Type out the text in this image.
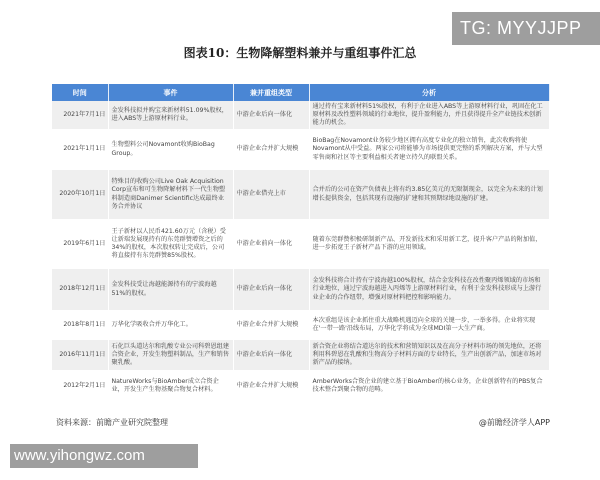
TG: MYYJJPP
图表10：生物降解塑料兼并与重组事件汇总
时间	事件	兼并重组类型	分析
2021年7月1日	金发科技拟并购宝来新材料51.09%股权，进入ABS等上游原材料行业。	中游企业后向一体化	通过持有宝来新材料51%股权，有利于企业进入ABS等上游原材料行业，巩固在化工原材料及改性塑料领域的行业地位，提升盈利能力，并且获得提升全产业链技术创新能力的机会。
2021年1月1日	生物塑料公司Novamont收购BioBag Group。	中游企业合并扩大规模	BioBag在Novamont业务较少地区拥有高度专业化的独立销售，此次收购将使Novamont从中受益。两家公司将能够为市场提供更完整的系列解决方案，并与大型零售商和社区等主要利益相关者建立持久的联盟关系。
2020年10月1日	特殊目的收购公司Live Oak Acquisition Corp宣布和可生物降解材料下一代生物塑料制造商Danimer Scientific达成最终业务合并协议	中游企业借壳上市	合并后的公司在资产负债表上将有约3.85亿美元的无限制现金，以完全为未来的计划增长提供资金，包括其现有设施的扩建和其预期绿地设施的扩建。
2019年6月1日	王子新材以人民币421.60万元（含税）受让新瑞发展现持有的东莞群赞增资之后的34%的股权，本次股权转让完成后，公司将直接持有东莞群赞85%股权。	中游企业前向一体化	随着东莞群赞积极研制新产品、开发新技术和采用新工艺，提升客户产品的附加值，进一步拓宽王子新材产品下游的应用领域。
2018年12月1日	金发科技受让海越能源持有的宁波海越51%的股权。	中游企业后向一体化	金发科技将合计持有宁波海越100%股权，结合金发科技在改性聚丙烯领域的市场和行业地位，通过宁波海越进入丙烯等上游原材料行业，有利于金发科技形成与上游行业企业的合作纽带，增强对原材料把控和影响能力。
2018年8月1日	万华化学吸收合并万华化工。	中游企业合并扩大规模	本次重组是该企业抓住重大战略机遇迈向全球的关键一步，一举多得。企业将实现在'一带一路'沿线布局，万华化学将成为全球MDI第一大生产商。
2016年11月1日	石化巨头道达尔和乳酸专业公司科碧恩组建合资企业，开发生物塑料制品，生产和销售聚乳酸。	中游企业后向一体化	新合资企业将结合道达尔的技术和营销知识以及在高分子材料市场的领先地位，还将利用科碧恩在乳酸和生物高分子材料方面的专业特长，生产出创新产品，加速市场对新产品的接纳。
2012年2月1日	NatureWorks与BioAmber成立合资企业，开发生产生物基聚合物复合材料。	中游企业合并扩大规模	AmberWorks合资企业的建立基于BioAmber的核心业务，企业创新特有的PBS复合技术整合到聚合物的范畴。
资料来源：前瞻产业研究院整理	@前瞻经济学人APP
www.yihongwz.com
